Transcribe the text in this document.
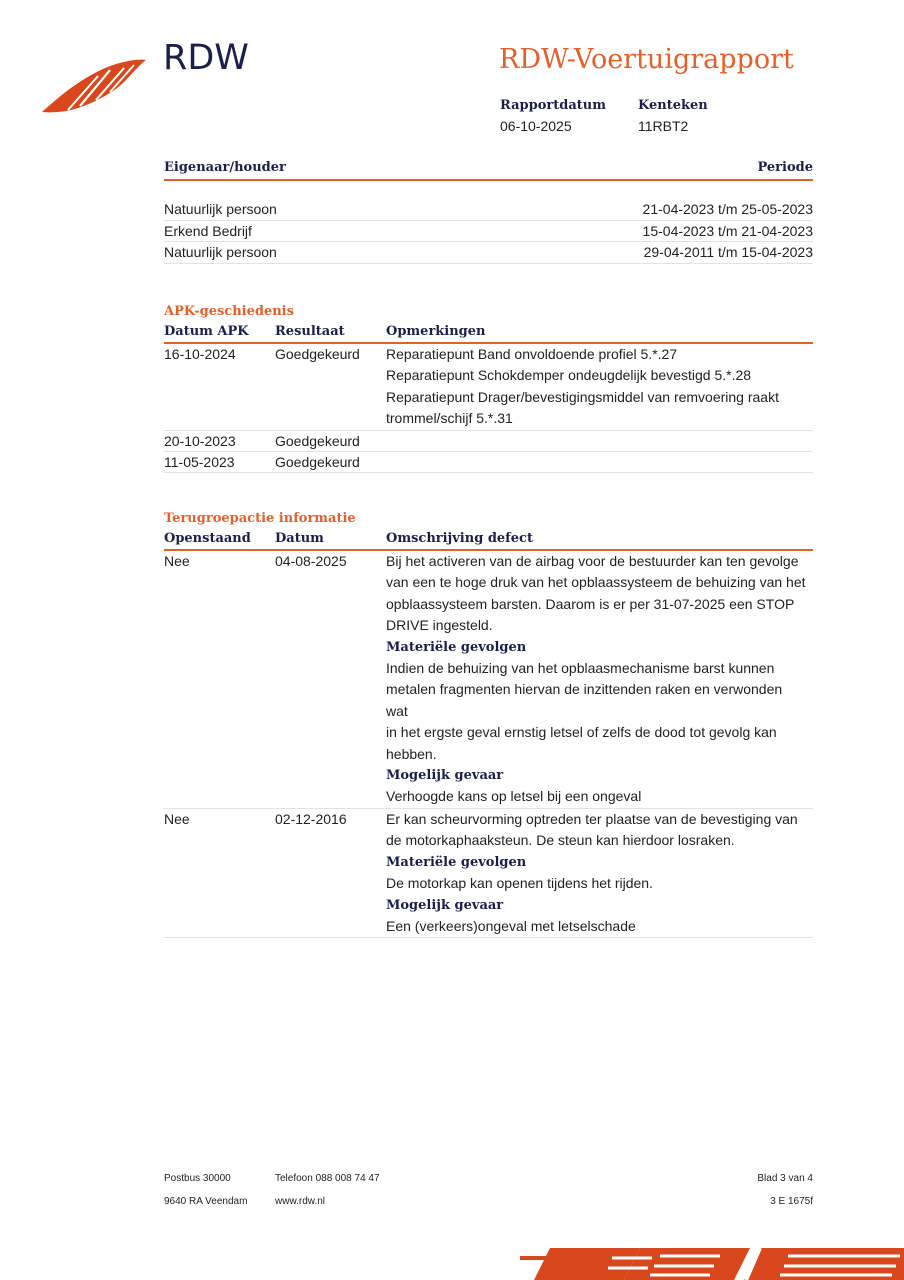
RDW	RDW-Voertuigrapport
Rapportdatum
06-10-2025
Kenteken
11RBT2
Eigenaar/houder	Periode
Natuurlijk persoon	21-04-2023 t/m 25-05-2023
Erkend Bedrijf	15-04-2023 t/m 21-04-2023
Natuurlijk persoon	29-04-2011 t/m 15-04-2023
APK-geschiedenis
Datum APK Resultaat	Opmerkingen
16-10-2024	Goedgekeurd Reparatiepunt Band onvoldoende profiel 5.*.27

Reparatiepunt Schokdemper ondeugdelijk bevestigd 5.*.28

Reparatiepunt Drager/bevestigingsmiddel van remvoering raakt

trommel/schijf 5.*.31

20-10-2023	Goedgekeurd
11-05-2023	Goedgekeurd
Terugroepactie informatie
Openstaand Datum	Omschrijving defect
Nee	04-08-2025	Bij het activeren van de airbag voor de bestuurder kan ten gevolge

van een te hoge druk van het opblaassysteem de behuizing van het

opblaassysteem barsten. Daarom is er per 31-07-2025 een STOP

DRIVE ingesteld.

Materiële gevolgen

Indien de behuizing van het opblaasmechanisme barst kunnen

metalen fragmenten hiervan de inzittenden raken en verwonden wat

in het ergste geval ernstig letsel of zelfs de dood tot gevolg kan

hebben.

Mogelijk gevaar

Verhoogde kans op letsel bij een ongeval

Nee	02-12-2016	Er kan scheurvorming optreden ter plaatse van de bevestiging van

de motorkaphaaksteun. De steun kan hierdoor losraken.

Materiële gevolgen

De motorkap kan openen tijdens het rijden.

Mogelijk gevaar

Een (verkeers)ongeval met letselschade

Postbus 30000
9640 RA Veendam
Telefoon 088 008 74 47
www.rdw.nl
Blad 3 van 4
3 E 1675f
